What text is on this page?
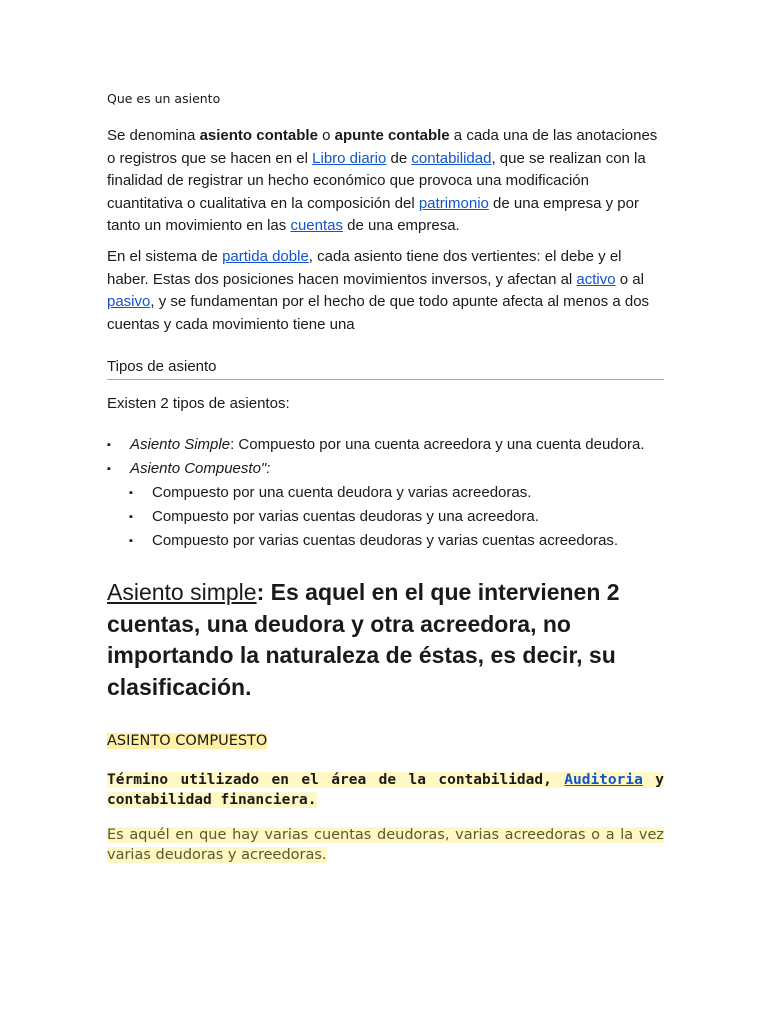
Que es un asiento

Se denomina asiento contable o apunte contable a cada una de las anotaciones o registros que se hacen en el Libro diario de contabilidad, que se realizan con la finalidad de registrar un hecho económico que provoca una modificación cuantitativa o cualitativa en la composición del patrimonio de una empresa y por tanto un movimiento en las cuentas de una empresa.

En el sistema de partida doble, cada asiento tiene dos vertientes: el debe y el haber. Estas dos posiciones hacen movimientos inversos, y afectan al activo o al pasivo, y se fundamentan por el hecho de que todo apunte afecta al menos a dos cuentas y cada movimiento tiene una

Tipos de asiento
Existen 2 tipos de asientos:
▪ Asiento Simple: Compuesto por una cuenta acreedora y una cuenta deudora.
▪ Asiento Compuesto":
▪ Compuesto por una cuenta deudora y varias acreedoras.
▪ Compuesto por varias cuentas deudoras y una acreedora.
▪ Compuesto por varias cuentas deudoras y varias cuentas acreedoras.

Asiento simple: Es aquel en el que intervienen 2 cuentas, una deudora y otra acreedora, no importando la naturaleza de éstas, es decir, su clasificación.

ASIENTO COMPUESTO

Término utilizado en el área de la contabilidad, Auditoria y contabilidad financiera.

Es aquél en que hay varias cuentas deudoras, varias acreedoras o a la vez varias deudoras y acreedoras.
